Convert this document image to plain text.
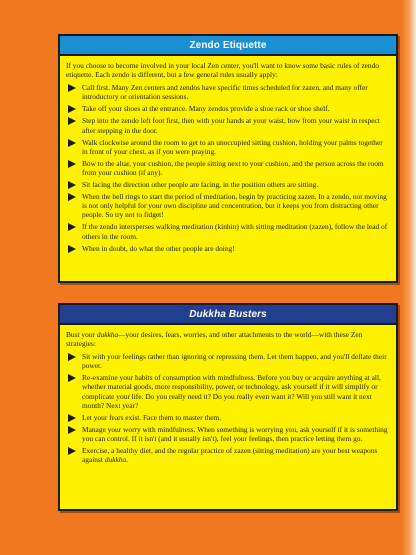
Zendo Etiquette

If you choose to become involved in your local Zen center, you'll want to know some basic rules of zendo etiquette. Each zendo is different, but a few general rules usually apply:

Call first. Many Zen centers and zendos have specific times scheduled for zazen, and many offer introductory or orientation sessions.
Take off your shoes at the entrance. Many zendos provide a shoe rack or shoe shelf.
Step into the zendo left foot first, then with your hands at your waist, bow from your waist in respect after stepping in the door.
Walk clockwise around the room to get to an unoccupied sitting cushion, holding your palms together in front of your chest, as if you were praying.
Bow to the altar, your cushion, the people sitting next to your cushion, and the person across the room from your cushion (if any).
Sit facing the direction other people are facing, in the position others are sitting.
When the bell rings to start the period of meditation, begin by practicing zazen. In a zendo, not moving is not only helpful for your own discipline and concentration, but it keeps you from distracting other people. So try not to fidget!
If the zendo intersperses walking meditation (kinhin) with sitting meditation (zazen), follow the lead of others in the room.
When in doubt, do what the other people are doing!
Dukkha Busters

Bust your dukkha—your desires, fears, worries, and other attachments to the world—with these Zen strategies:

Sit with your feelings rather than ignoring or repressing them. Let them happen, and you'll deflate their power.
Re-examine your habits of consumption with mindfulness. Before you buy or acquire anything at all, whether material goods, more responsibility, power, or technology, ask yourself if it will simplify or complicate your life. Do you really need it? Do you really even want it? Will you still want it next month? Next year?
Let your fears exist. Face them to master them.
Manage your worry with mindfulness. When something is worrying you, ask yourself if it is something you can control. If it isn't (and it usually isn't), feel your feelings, then practice letting them go.
Exercise, a healthy diet, and the regular practice of zazen (sitting meditation) are your best weapons against dukkha.
